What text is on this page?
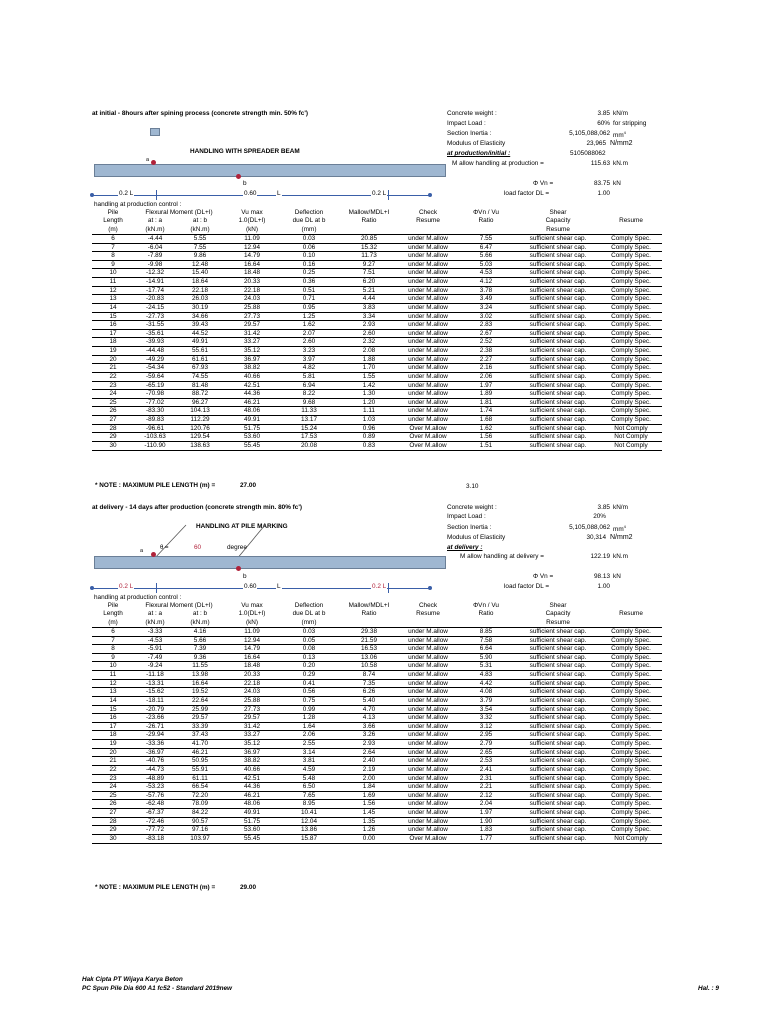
at initial - 8hours after spining process (concrete strength min. 50% fc')	Concrete weight :	3.85 kN/m
Impact Load :	60% for stripping
Section Inertia :	5,105,088,062 $mm^4$
Modulus of Elasticity	23,965 N/mm2
at production/initial :	5105088062
M allow handling at production =	115.63 kN.m
Φ Vn =	83.75 kN
load factor DL =	1.00
HANDLING WITH SPREADER BEAM
a
b
0.2 L	0.60	L	0.2 L
handling at production control :
Pile	Flexural Moment (DL+I)		Vu max	Deflection	Mallow/MDL+I	Check	ΦVn / Vu	Shear	
Length	at : a	at : b	1.0(DL+I)	due DL at b	Ratio	Resume	Ratio	Capacity	Resume
(m)	(kN.m)	(kN.m)	(kN)	(mm)				Resume	
6	-4.44	5.55	11.09	0.03	20.85	under M.allow	7.55	sufficient shear cap.	Comply Spec.
7	-6.04	7.55	12.94	0.06	15.32	under M.allow	6.47	sufficient shear cap.	Comply Spec.
8	-7.89	9.86	14.79	0.10	11.73	under M.allow	5.66	sufficient shear cap.	Comply Spec.
9	-9.98	12.48	16.64	0.16	9.27	under M.allow	5.03	sufficient shear cap.	Comply Spec.
10	-12.32	15.40	18.48	0.25	7.51	under M.allow	4.53	sufficient shear cap.	Comply Spec.
11	-14.91	18.64	20.33	0.36	6.20	under M.allow	4.12	sufficient shear cap.	Comply Spec.
12	-17.74	22.18	22.18	0.51	5.21	under M.allow	3.78	sufficient shear cap.	Comply Spec.
13	-20.83	26.03	24.03	0.71	4.44	under M.allow	3.49	sufficient shear cap.	Comply Spec.
14	-24.15	30.19	25.88	0.95	3.83	under M.allow	3.24	sufficient shear cap.	Comply Spec.
15	-27.73	34.66	27.73	1.25	3.34	under M.allow	3.02	sufficient shear cap.	Comply Spec.
16	-31.55	39.43	29.57	1.62	2.93	under M.allow	2.83	sufficient shear cap.	Comply Spec.
17	-35.61	44.52	31.42	2.07	2.60	under M.allow	2.67	sufficient shear cap.	Comply Spec.
18	-39.93	49.91	33.27	2.60	2.32	under M.allow	2.52	sufficient shear cap.	Comply Spec.
19	-44.48	55.61	35.12	3.23	2.08	under M.allow	2.38	sufficient shear cap.	Comply Spec.
20	-49.29	61.61	36.97	3.97	1.88	under M.allow	2.27	sufficient shear cap.	Comply Spec.
21	-54.34	67.93	38.82	4.82	1.70	under M.allow	2.16	sufficient shear cap.	Comply Spec.
22	-59.64	74.55	40.66	5.81	1.55	under M.allow	2.06	sufficient shear cap.	Comply Spec.
23	-65.19	81.48	42.51	6.94	1.42	under M.allow	1.97	sufficient shear cap.	Comply Spec.
24	-70.98	88.72	44.36	8.22	1.30	under M.allow	1.89	sufficient shear cap.	Comply Spec.
25	-77.02	96.27	46.21	9.68	1.20	under M.allow	1.81	sufficient shear cap.	Comply Spec.
26	-83.30	104.13	48.06	11.33	1.11	under M.allow	1.74	sufficient shear cap.	Comply Spec.
27	-89.83	112.29	49.91	13.17	1.03	under M.allow	1.68	sufficient shear cap.	Comply Spec.
28	-96.61	120.76	51.75	15.24	0.96	Over M.allow	1.62	sufficient shear cap.	Not Comply
29	-103.63	129.54	53.60	17.53	0.89	Over M.allow	1.56	sufficient shear cap.	Not Comply
30	-110.90	138.63	55.45	20.08	0.83	Over M.allow	1.51	sufficient shear cap.	Not Comply
* NOTE : MAXIMUM PILE LENGTH (m) =	27.00	3.10
at delivery - 14 days after production (concrete strength min. 80% fc')	Concrete weight :	3.85 kN/m
Impact Load :	20%
Section Inertia :	5,105,088,062 $mm^4$
Modulus of Elasticity	30,314 N/mm2
at delivery :
M allow handling at delivery =	122.19 kN.m
Φ Vn =	98.13 kN
load factor DL =	1.00
HANDLING AT PILE MARKING
a	θ =	60	degree
b
0.2 L	0.60	L	0.2 L
handling at production control :
Pile	Flexural Moment (DL+I)		Vu max	Deflection	Mallow/MDL+I	Check	ΦVn / Vu	Shear	
Length	at : a	at : b	1.0(DL+I)	due DL at b	Ratio	Resume	Ratio	Capacity	Resume
(m)	(kN.m)	(kN.m)	(kN)	(mm)				Resume	
6	-3.33	4.16	11.09	0.03	29.38	under M.allow	8.85	sufficient shear cap.	Comply Spec.
7	-4.53	5.66	12.94	0.05	21.59	under M.allow	7.58	sufficient shear cap.	Comply Spec.
8	-5.91	7.39	14.79	0.08	16.53	under M.allow	6.64	sufficient shear cap.	Comply Spec.
9	-7.49	9.36	16.64	0.13	13.06	under M.allow	5.90	sufficient shear cap.	Comply Spec.
10	-9.24	11.55	18.48	0.20	10.58	under M.allow	5.31	sufficient shear cap.	Comply Spec.
11	-11.18	13.98	20.33	0.29	8.74	under M.allow	4.83	sufficient shear cap.	Comply Spec.
12	-13.31	16.64	22.18	0.41	7.35	under M.allow	4.42	sufficient shear cap.	Comply Spec.
13	-15.62	19.52	24.03	0.56	6.26	under M.allow	4.08	sufficient shear cap.	Comply Spec.
14	-18.11	22.64	25.88	0.75	5.40	under M.allow	3.79	sufficient shear cap.	Comply Spec.
15	-20.79	25.99	27.73	0.99	4.70	under M.allow	3.54	sufficient shear cap.	Comply Spec.
16	-23.66	29.57	29.57	1.28	4.13	under M.allow	3.32	sufficient shear cap.	Comply Spec.
17	-26.71	33.39	31.42	1.64	3.66	under M.allow	3.12	sufficient shear cap.	Comply Spec.
18	-29.94	37.43	33.27	2.06	3.26	under M.allow	2.95	sufficient shear cap.	Comply Spec.
19	-33.36	41.70	35.12	2.55	2.93	under M.allow	2.79	sufficient shear cap.	Comply Spec.
20	-36.97	46.21	36.97	3.14	2.64	under M.allow	2.65	sufficient shear cap.	Comply Spec.
21	-40.76	50.95	38.82	3.81	2.40	under M.allow	2.53	sufficient shear cap.	Comply Spec.
22	-44.73	55.91	40.66	4.59	2.19	under M.allow	2.41	sufficient shear cap.	Comply Spec.
23	-48.89	61.11	42.51	5.48	2.00	under M.allow	2.31	sufficient shear cap.	Comply Spec.
24	-53.23	66.54	44.36	6.50	1.84	under M.allow	2.21	sufficient shear cap.	Comply Spec.
25	-57.76	72.20	46.21	7.65	1.69	under M.allow	2.12	sufficient shear cap.	Comply Spec.
26	-62.48	78.09	48.06	8.95	1.56	under M.allow	2.04	sufficient shear cap.	Comply Spec.
27	-67.37	84.22	49.91	10.41	1.45	under M.allow	1.97	sufficient shear cap.	Comply Spec.
28	-72.46	90.57	51.75	12.04	1.35	under M.allow	1.90	sufficient shear cap.	Comply Spec.
29	-77.72	97.16	53.60	13.86	1.26	under M.allow	1.83	sufficient shear cap.	Comply Spec.
30	-83.18	103.97	55.45	15.87	0.00	Over M.allow	1.77	sufficient shear cap.	Not Comply
* NOTE : MAXIMUM PILE LENGTH (m) =	29.00
Hak Cipta PT Wijaya Karya Beton
PC Spun Pile Dia 600 A1 fc52 - Standard 2019new	Hal. : 9
